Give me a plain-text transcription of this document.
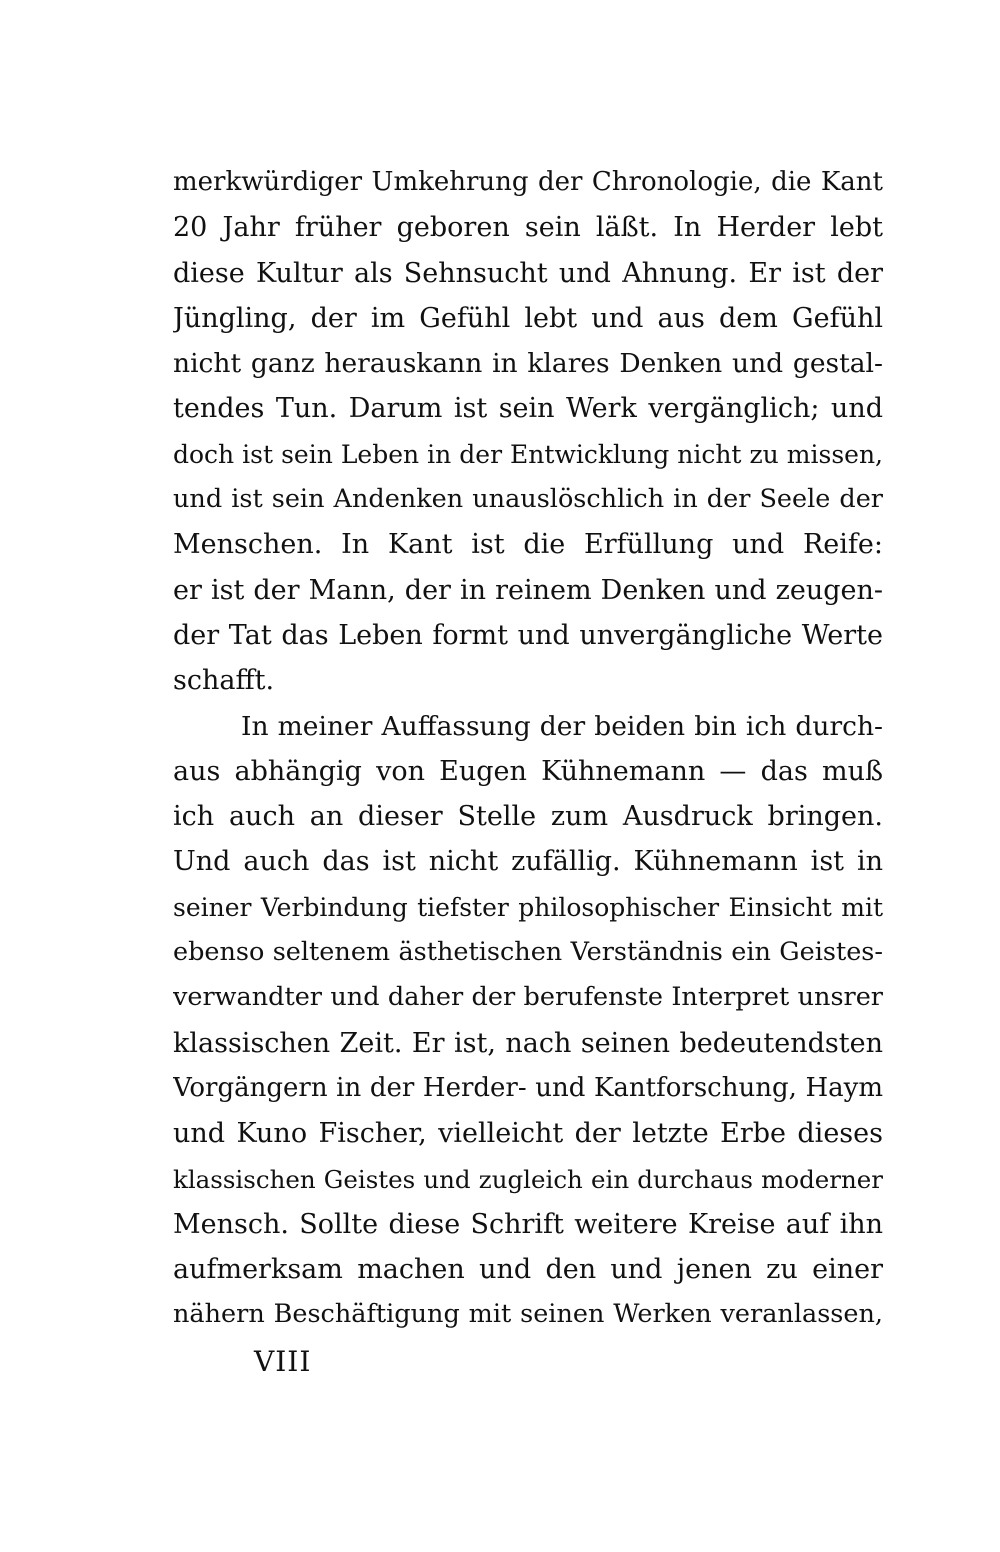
merkwürdiger Umkehrung der Chronologie, die Kant
20 Jahr früher geboren sein läßt. In Herder lebt
diese Kultur als Sehnsucht und Ahnung. Er ist der
Jüngling, der im Gefühl lebt und aus dem Gefühl
nicht ganz herauskann in klares Denken und gestal-
tendes Tun. Darum ist sein Werk vergänglich; und
doch ist sein Leben in der Entwicklung nicht zu missen,
und ist sein Andenken unauslöschlich in der Seele der
Menschen. In Kant ist die Erfüllung und Reife:
er ist der Mann, der in reinem Denken und zeugen-
der Tat das Leben formt und unvergängliche Werte
schafft.
In meiner Auffassung der beiden bin ich durch-
aus abhängig von Eugen Kühnemann — das muß
ich auch an dieser Stelle zum Ausdruck bringen.
Und auch das ist nicht zufällig. Kühnemann ist in
seiner Verbindung tiefster philosophischer Einsicht mit
ebenso seltenem ästhetischen Verständnis ein Geistes-
verwandter und daher der berufenste Interpret unsrer
klassischen Zeit. Er ist, nach seinen bedeutendsten
Vorgängern in der Herder- und Kantforschung, Haym
und Kuno Fischer, vielleicht der letzte Erbe dieses
klassischen Geistes und zugleich ein durchaus moderner
Mensch. Sollte diese Schrift weitere Kreise auf ihn
aufmerksam machen und den und jenen zu einer
nähern Beschäftigung mit seinen Werken veranlassen,
VIII
